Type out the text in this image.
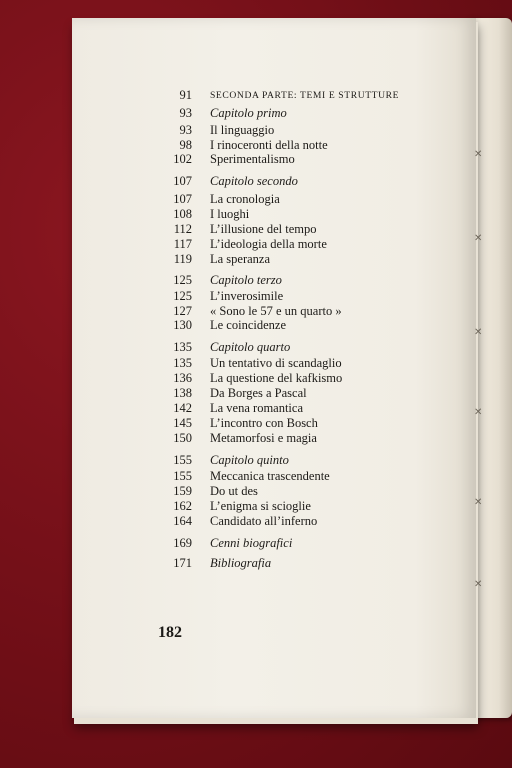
91 SECONDA PARTE: TEMI E STRUTTURE
93 Capitolo primo
93 Il linguaggio
98 I rinoceronti della notte
102 Sperimentalismo
107 Capitolo secondo
107 La cronologia
108 I luoghi
112 L’illusione del tempo
117 L’ideologia della morte
119 La speranza
125 Capitolo terzo
125 L’inverosimile
127 « Sono le 57 e un quarto »
130 Le coincidenze
135 Capitolo quarto
135 Un tentativo di scandaglio
136 La questione del kafkismo
138 Da Borges a Pascal
142 La vena romantica
145 L’incontro con Bosch
150 Metamorfosi e magia
155 Capitolo quinto
155 Meccanica trascendente
159 Do ut des
162 L’enigma si scioglie
164 Candidato all’inferno
169 Cenni biografici
171 Bibliografia
182
✕
✕
✕
✕
✕
✕
